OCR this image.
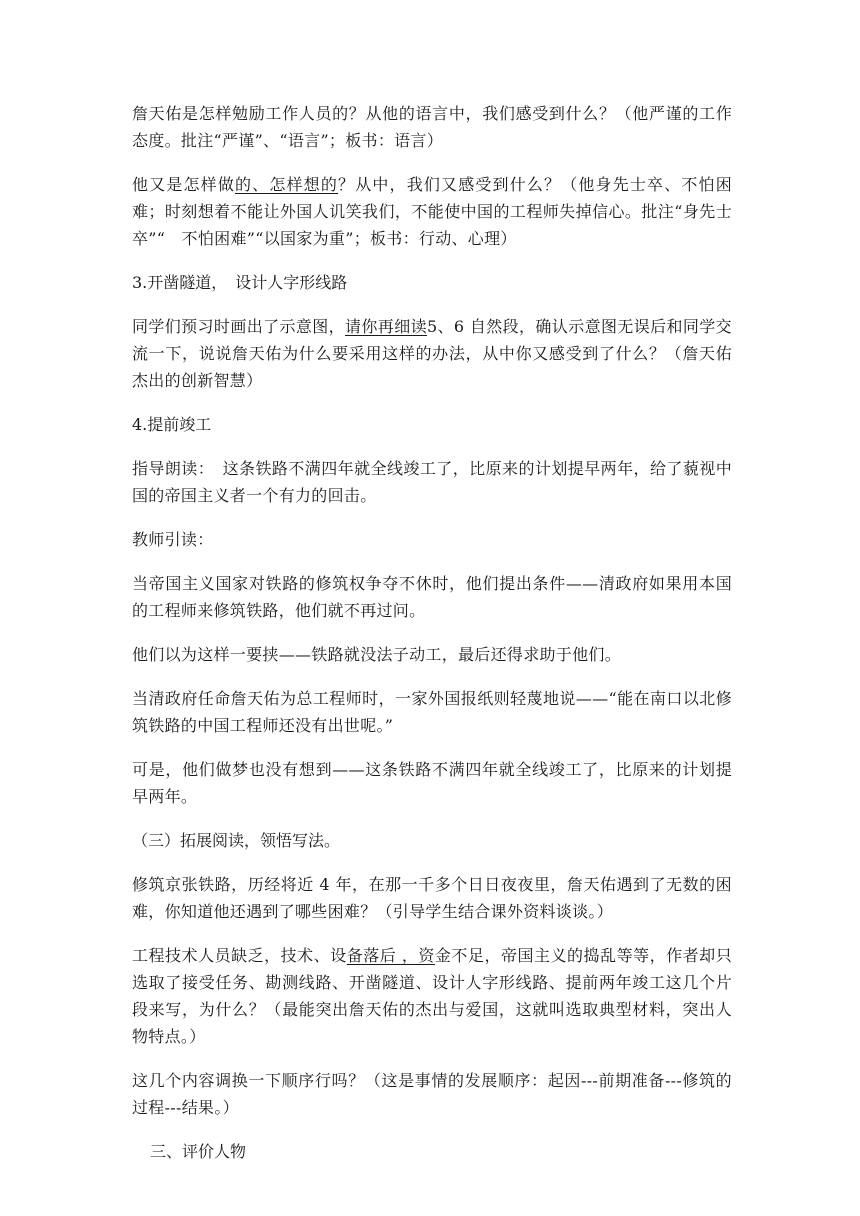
詹天佑是怎样勉励工作人员的？从他的语言中，我们感受到什么？（他严谨的工作态度。批注“严谨”、“语言”；板书：语言）

他又是怎样做的、怎样想的？从中，我们又感受到什么？（他身先士卒、不怕困难；时刻想着不能让外国人讥笑我们，不能使中国的工程师失掉信心。批注“身先士卒”“　不怕困难”“以国家为重”；板书：行动、心理）

3.开凿隧道，　设计人字形线路

同学们预习时画出了示意图，请你再细读5、6 自然段，确认示意图无误后和同学交流一下，说说詹天佑为什么要采用这样的办法，从中你又感受到了什么？（詹天佑杰出的创新智慧）

4.提前竣工

指导朗读：　这条铁路不满四年就全线竣工了，比原来的计划提早两年，给了藐视中国的帝国主义者一个有力的回击。

教师引读：

当帝国主义国家对铁路的修筑权争夺不休时，他们提出条件——清政府如果用本国的工程师来修筑铁路，他们就不再过问。

他们以为这样一要挟——铁路就没法子动工，最后还得求助于他们。

当清政府任命詹天佑为总工程师时，一家外国报纸则轻蔑地说——“能在南口以北修筑铁路的中国工程师还没有出世呢。”

可是，他们做梦也没有想到——这条铁路不满四年就全线竣工了，比原来的计划提早两年。

（三）拓展阅读，领悟写法。

修筑京张铁路，历经将近 4 年，在那一千多个日日夜夜里，詹天佑遇到了无数的困难，你知道他还遇到了哪些困难？（引导学生结合课外资料谈谈。）

工程技术人员缺乏，技术、设备落后 ，资金不足，帝国主义的捣乱等等，作者却只选取了接受任务、勘测线路、开凿隧道、设计人字形线路、提前两年竣工这几个片段来写，为什么？（最能突出詹天佑的杰出与爱国，这就叫选取典型材料，突出人物特点。）

这几个内容调换一下顺序行吗？（这是事情的发展顺序：起因---前期准备---修筑的过程---结果。）

三、评价人物
